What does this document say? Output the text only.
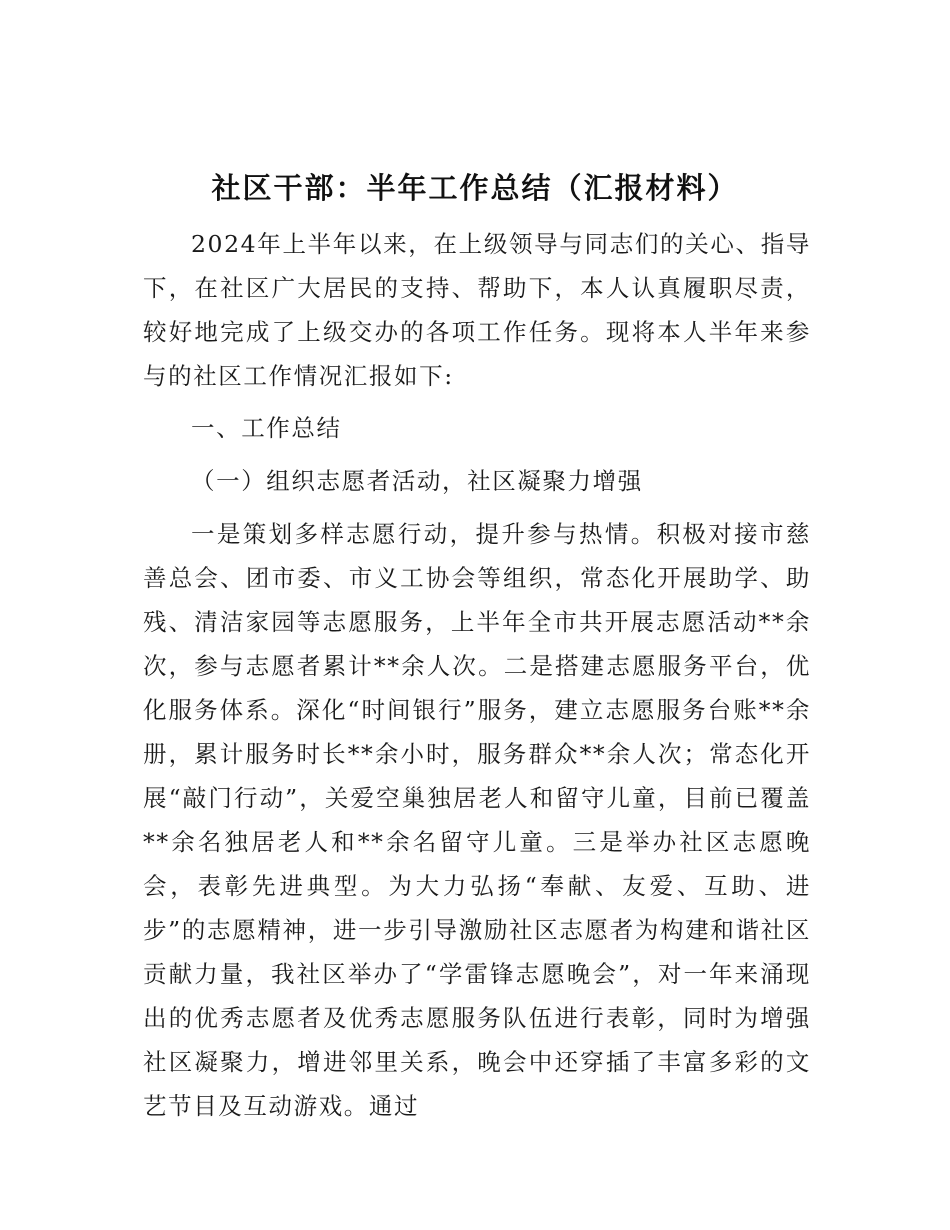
社区干部：半年工作总结（汇报材料）

2024年上半年以来，在上级领导与同志们的关心、指导下，在社区广大居民的支持、帮助下，本人认真履职尽责，较好地完成了上级交办的各项工作任务。现将本人半年来参与的社区工作情况汇报如下:

一、工作总结

（一）组织志愿者活动，社区凝聚力增强

一是策划多样志愿行动，提升参与热情。积极对接市慈善总会、团市委、市义工协会等组织，常态化开展助学、助残、清洁家园等志愿服务，上半年全市共开展志愿活动**余次，参与志愿者累计**余人次。二是搭建志愿服务平台，优化服务体系。深化“时间银行”服务，建立志愿服务台账**余册，累计服务时长**余小时，服务群众**余人次；常态化开展“敲门行动”，关爱空巢独居老人和留守儿童，目前已覆盖**余名独居老人和**余名留守儿童。三是举办社区志愿晚会，表彰先进典型。为大力弘扬“奉献、友爱、互助、进步”的志愿精神，进一步引导激励社区志愿者为构建和谐社区贡献力量，我社区举办了“学雷锋志愿晚会”，对一年来涌现出的优秀志愿者及优秀志愿服务队伍进行表彰，同时为增强社区凝聚力，增进邻里关系，晚会中还穿插了丰富多彩的文艺节目及互动游戏。通过
